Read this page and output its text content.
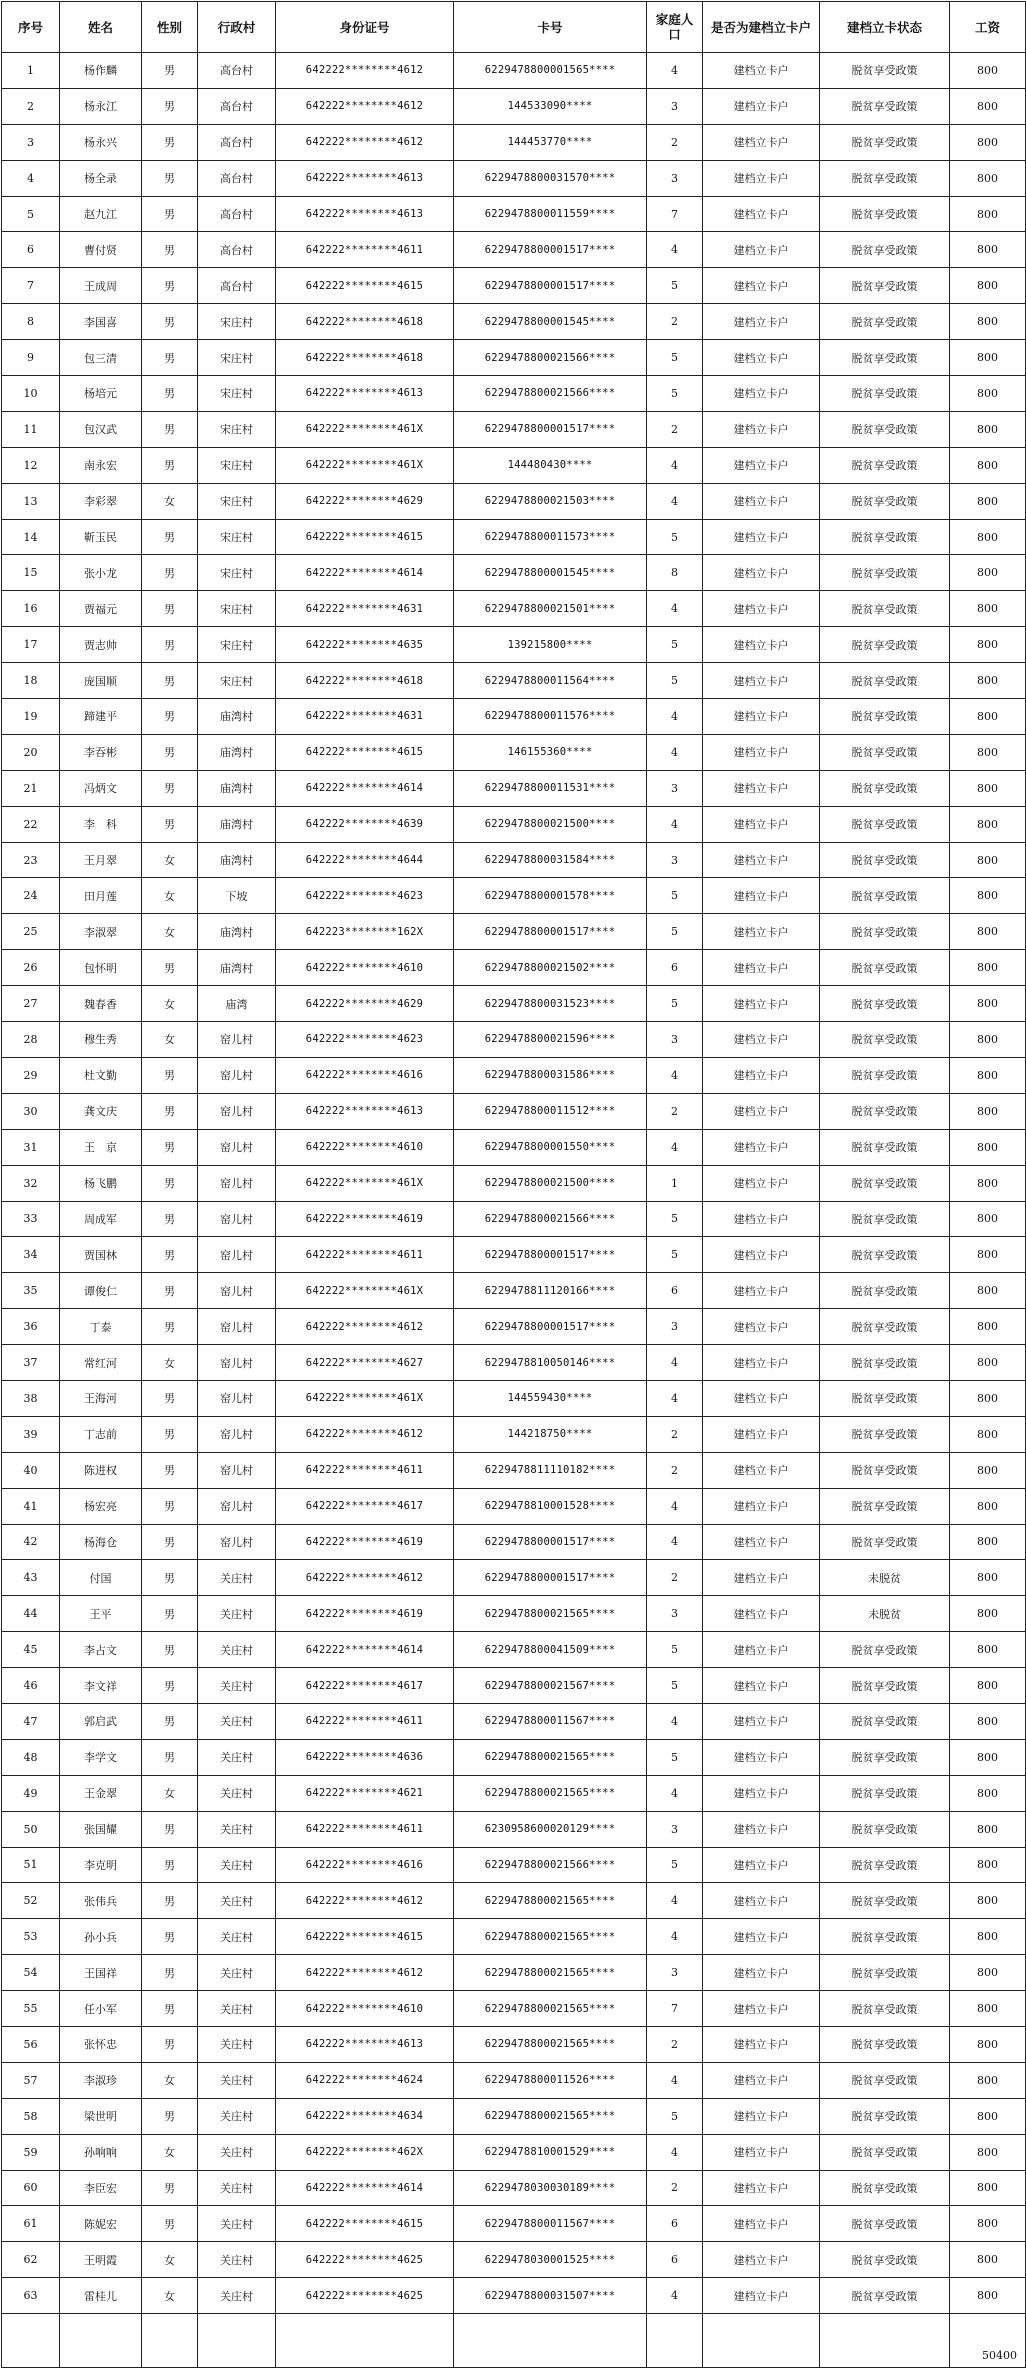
序号	姓名	性别	行政村	身份证号	卡号	家庭人口	是否为建档立卡户	建档立卡状态	工资
1	杨作麟	男	高台村	642222********4612	6229478800001565****	4	建档立卡户	脱贫享受政策	800
2	杨永江	男	高台村	642222********4612	144533090****	3	建档立卡户	脱贫享受政策	800
3	杨永兴	男	高台村	642222********4612	144453770****	2	建档立卡户	脱贫享受政策	800
4	杨全录	男	高台村	642222********4613	6229478800031570****	3	建档立卡户	脱贫享受政策	800
5	赵九江	男	高台村	642222********4613	6229478800011559****	7	建档立卡户	脱贫享受政策	800
6	曹付贤	男	高台村	642222********4611	6229478800001517****	4	建档立卡户	脱贫享受政策	800
7	王成周	男	高台村	642222********4615	6229478800001517****	5	建档立卡户	脱贫享受政策	800
8	李国喜	男	宋庄村	642222********4618	6229478800001545****	2	建档立卡户	脱贫享受政策	800
9	包三清	男	宋庄村	642222********4618	6229478800021566****	5	建档立卡户	脱贫享受政策	800
10	杨培元	男	宋庄村	642222********4613	6229478800021566****	5	建档立卡户	脱贫享受政策	800
11	包汉武	男	宋庄村	642222********461X	6229478800001517****	2	建档立卡户	脱贫享受政策	800
12	南永宏	男	宋庄村	642222********461X	144480430****	4	建档立卡户	脱贫享受政策	800
13	李彩翠	女	宋庄村	642222********4629	6229478800021503****	4	建档立卡户	脱贫享受政策	800
14	靳玉民	男	宋庄村	642222********4615	6229478800011573****	5	建档立卡户	脱贫享受政策	800
15	张小龙	男	宋庄村	642222********4614	6229478800001545****	8	建档立卡户	脱贫享受政策	800
16	贾福元	男	宋庄村	642222********4631	6229478800021501****	4	建档立卡户	脱贫享受政策	800
17	贾志帅	男	宋庄村	642222********4635	139215800****	5	建档立卡户	脱贫享受政策	800
18	庞国顺	男	宋庄村	642222********4618	6229478800011564****	5	建档立卡户	脱贫享受政策	800
19	蹄建平	男	庙湾村	642222********4631	6229478800011576****	4	建档立卡户	脱贫享受政策	800
20	李吞彬	男	庙湾村	642222********4615	146155360****	4	建档立卡户	脱贫享受政策	800
21	冯炳文	男	庙湾村	642222********4614	6229478800011531****	3	建档立卡户	脱贫享受政策	800
22	李　科	男	庙湾村	642222********4639	6229478800021500****	4	建档立卡户	脱贫享受政策	800
23	王月翠	女	庙湾村	642222********4644	6229478800031584****	3	建档立卡户	脱贫享受政策	800
24	田月莲	女	下坡	642222********4623	6229478800001578****	5	建档立卡户	脱贫享受政策	800
25	李淑翠	女	庙湾村	642223********162X	6229478800001517****	5	建档立卡户	脱贫享受政策	800
26	包怀明	男	庙湾村	642222********4610	6229478800021502****	6	建档立卡户	脱贫享受政策	800
27	魏春香	女	庙湾	642222********4629	6229478800031523****	5	建档立卡户	脱贫享受政策	800
28	穆生秀	女	窑儿村	642222********4623	6229478800021596****	3	建档立卡户	脱贫享受政策	800
29	杜文勤	男	窑儿村	642222********4616	6229478800031586****	4	建档立卡户	脱贫享受政策	800
30	龚文庆	男	窑儿村	642222********4613	6229478800011512****	2	建档立卡户	脱贫享受政策	800
31	王　京	男	窑儿村	642222********4610	6229478800001550****	4	建档立卡户	脱贫享受政策	800
32	杨飞鹏	男	窑儿村	642222********461X	6229478800021500****	1	建档立卡户	脱贫享受政策	800
33	周成军	男	窑儿村	642222********4619	6229478800021566****	5	建档立卡户	脱贫享受政策	800
34	贾国林	男	窑儿村	642222********4611	6229478800001517****	5	建档立卡户	脱贫享受政策	800
35	谭俊仁	男	窑儿村	642222********461X	6229478811120166****	6	建档立卡户	脱贫享受政策	800
36	丁泰	男	窑儿村	642222********4612	6229478800001517****	3	建档立卡户	脱贫享受政策	800
37	常红河	女	窑儿村	642222********4627	6229478810050146****	4	建档立卡户	脱贫享受政策	800
38	王海河	男	窑儿村	642222********461X	144559430****	4	建档立卡户	脱贫享受政策	800
39	丁志前	男	窑儿村	642222********4612	144218750****	2	建档立卡户	脱贫享受政策	800
40	陈进权	男	窑儿村	642222********4611	6229478811110182****	2	建档立卡户	脱贫享受政策	800
41	杨宏亮	男	窑儿村	642222********4617	6229478810001528****	4	建档立卡户	脱贫享受政策	800
42	杨海仓	男	窑儿村	642222********4619	6229478800001517****	4	建档立卡户	脱贫享受政策	800
43	付国	男	关庄村	642222********4612	6229478800001517****	2	建档立卡户	未脱贫	800
44	王平	男	关庄村	642222********4619	6229478800021565****	3	建档立卡户	未脱贫	800
45	李占文	男	关庄村	642222********4614	6229478800041509****	5	建档立卡户	脱贫享受政策	800
46	李文祥	男	关庄村	642222********4617	6229478800021567****	5	建档立卡户	脱贫享受政策	800
47	郭启武	男	关庄村	642222********4611	6229478800011567****	4	建档立卡户	脱贫享受政策	800
48	李学文	男	关庄村	642222********4636	6229478800021565****	5	建档立卡户	脱贫享受政策	800
49	王金翠	女	关庄村	642222********4621	6229478800021565****	4	建档立卡户	脱贫享受政策	800
50	张国耀	男	关庄村	642222********4611	6230958600020129****	3	建档立卡户	脱贫享受政策	800
51	李克明	男	关庄村	642222********4616	6229478800021566****	5	建档立卡户	脱贫享受政策	800
52	张伟兵	男	关庄村	642222********4612	6229478800021565****	4	建档立卡户	脱贫享受政策	800
53	孙小兵	男	关庄村	642222********4615	6229478800021565****	4	建档立卡户	脱贫享受政策	800
54	王国祥	男	关庄村	642222********4612	6229478800021565****	3	建档立卡户	脱贫享受政策	800
55	任小军	男	关庄村	642222********4610	6229478800021565****	7	建档立卡户	脱贫享受政策	800
56	张怀忠	男	关庄村	642222********4613	6229478800021565****	2	建档立卡户	脱贫享受政策	800
57	李淑珍	女	关庄村	642222********4624	6229478800011526****	4	建档立卡户	脱贫享受政策	800
58	梁世明	男	关庄村	642222********4634	6229478800021565****	5	建档立卡户	脱贫享受政策	800
59	孙响响	女	关庄村	642222********462X	6229478810001529****	4	建档立卡户	脱贫享受政策	800
60	李臣宏	男	关庄村	642222********4614	6229478030030189****	2	建档立卡户	脱贫享受政策	800
61	陈妮宏	男	关庄村	642222********4615	6229478800011567****	6	建档立卡户	脱贫享受政策	800
62	王明霞	女	关庄村	642222********4625	6229478030001525****	6	建档立卡户	脱贫享受政策	800
63	雷桂儿	女	关庄村	642222********4625	6229478800031507****	4	建档立卡户	脱贫享受政策	800
									50400
